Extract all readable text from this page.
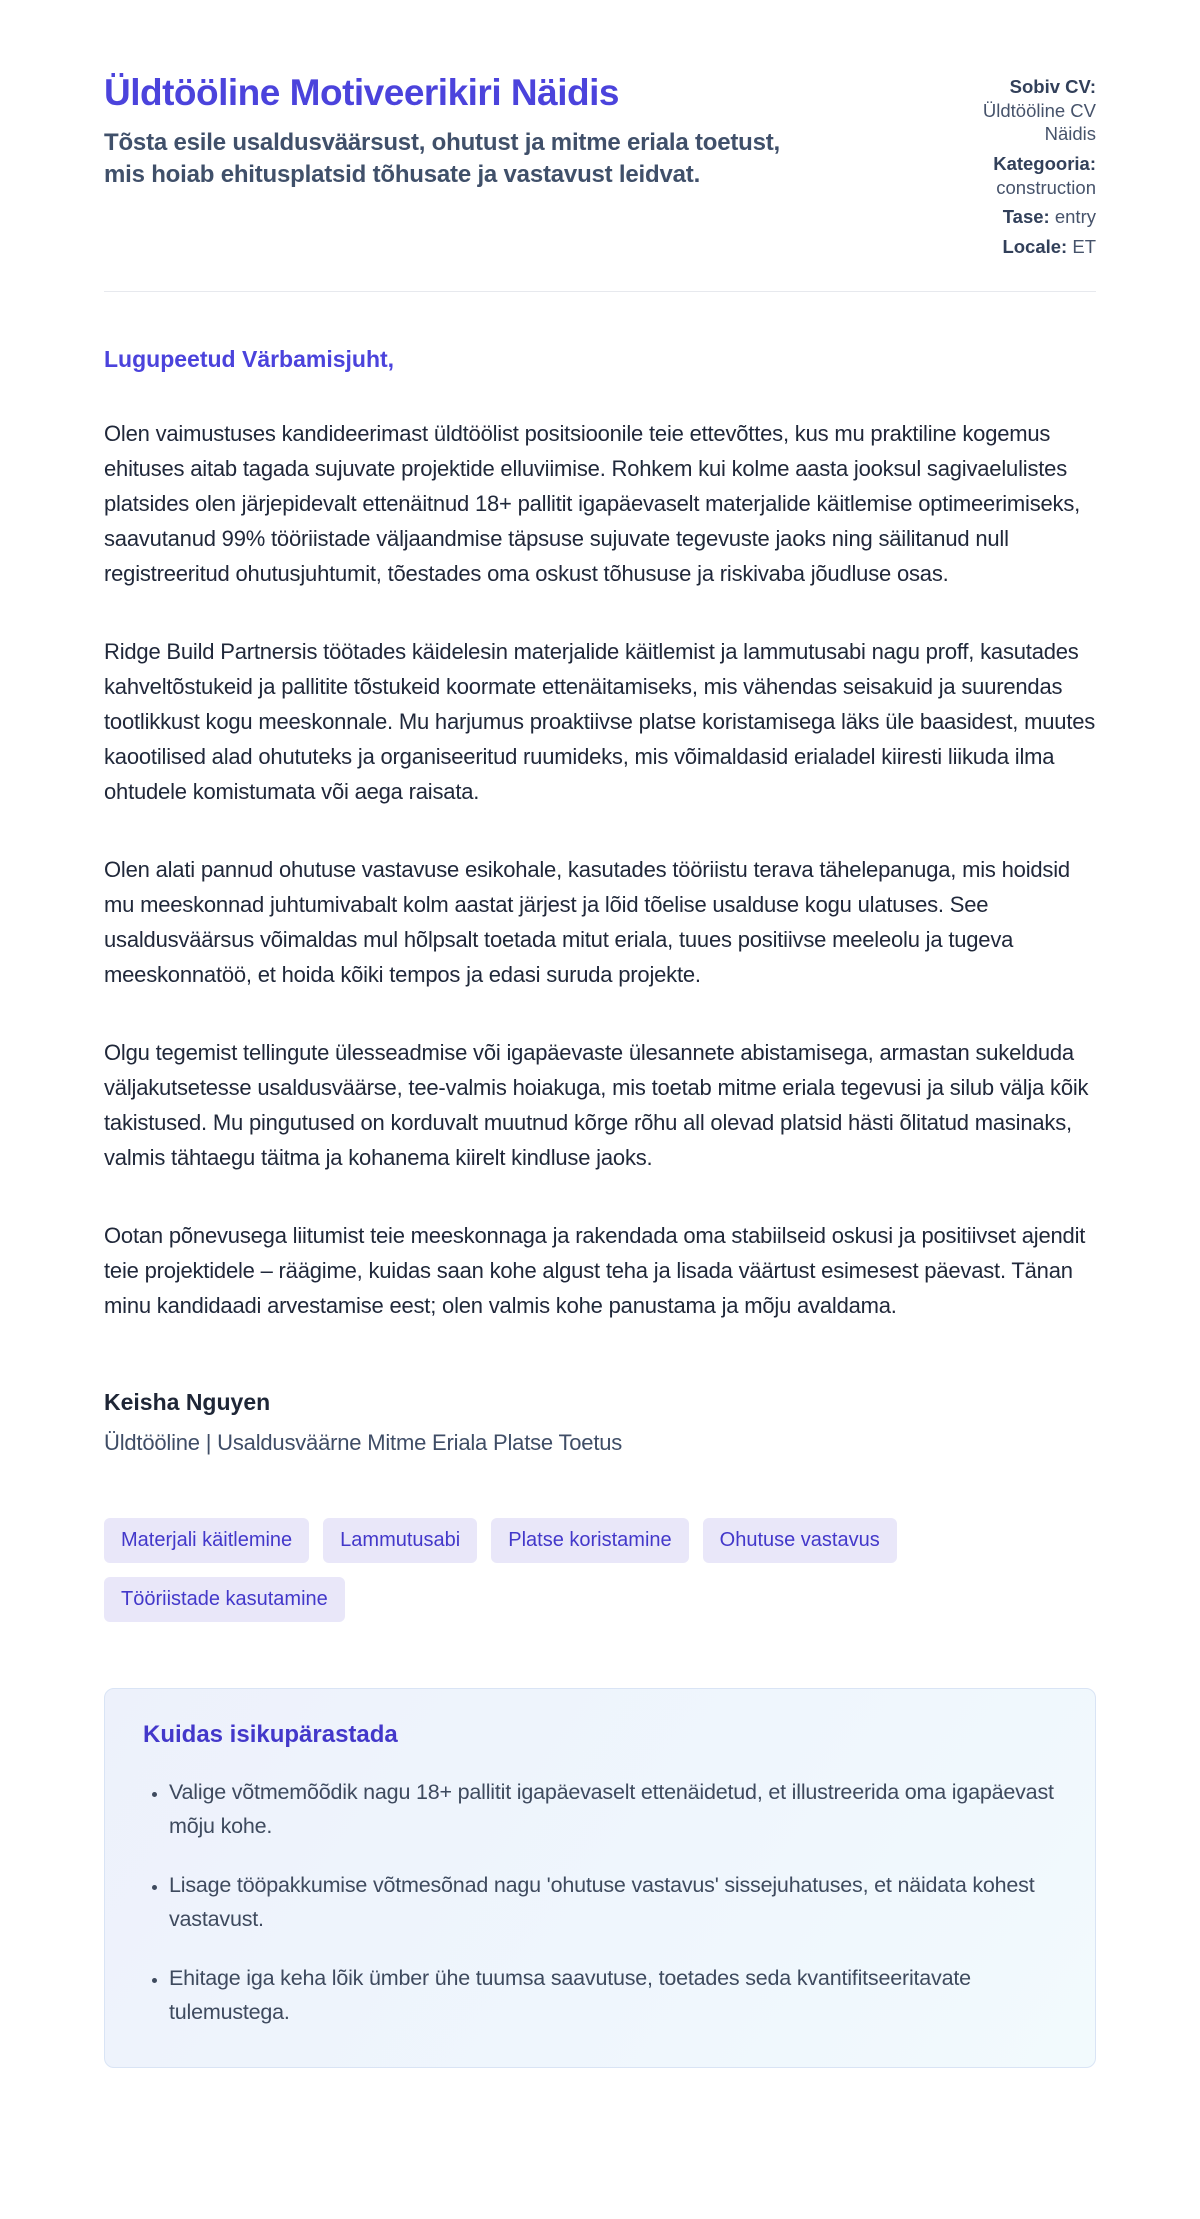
Üldtööline Motiveerikiri Näidis

Tõsta esile usaldusväärsust, ohutust ja mitme eriala toetust, mis hoiab ehitusplatsid tõhusate ja vastavust leidvat.

Sobiv CV:
Üldtööline CV Näidis
Kategooria:
construction
Tase: entry
Locale: ET

Lugupeetud Värbamisjuht,

Olen vaimustuses kandideerimast üldtöölist positsioonile teie ettevõttes, kus mu praktiline kogemus ehituses aitab tagada sujuvate projektide elluviimise. Rohkem kui kolme aasta jooksul sagivaelulistes platsides olen järjepidevalt ettenäitnud 18+ pallitit igapäevaselt materjalide käitlemise optimeerimiseks, saavutanud 99% tööriistade väljaandmise täpsuse sujuvate tegevuste jaoks ning säilitanud null registreeritud ohutusjuhtumit, tõestades oma oskust tõhususe ja riskivaba jõudluse osas.

Ridge Build Partnersis töötades käidelesin materjalide käitlemist ja lammutusabi nagu proff, kasutades kahveltõstukeid ja pallitite tõstukeid koormate ettenäitamiseks, mis vähendas seisakuid ja suurendas tootlikkust kogu meeskonnale. Mu harjumus proaktiivse platse koristamisega läks üle baasidest, muutes kaootilised alad ohututeks ja organiseeritud ruumideks, mis võimaldasid erialadel kiiresti liikuda ilma ohtudele komistumata või aega raisata.

Olen alati pannud ohutuse vastavuse esikohale, kasutades tööriistu terava tähelepanuga, mis hoidsid mu meeskonnad juhtumivabalt kolm aastat järjest ja lõid tõelise usalduse kogu ulatuses. See usaldusväärsus võimaldas mul hõlpsalt toetada mitut eriala, tuues positiivse meeleolu ja tugeva meeskonnatöö, et hoida kõiki tempos ja edasi suruda projekte.

Olgu tegemist tellingute ülesseadmise või igapäevaste ülesannete abistamisega, armastan sukelduda väljakutsetesse usaldusväärse, tee-valmis hoiakuga, mis toetab mitme eriala tegevusi ja silub välja kõik takistused. Mu pingutused on korduvalt muutnud kõrge rõhu all olevad platsid hästi õlitatud masinaks, valmis tähtaegu täitma ja kohanema kiirelt kindluse jaoks.

Ootan põnevusega liitumist teie meeskonnaga ja rakendada oma stabiilseid oskusi ja positiivset ajendit teie projektidele – räägime, kuidas saan kohe algust teha ja lisada väärtust esimesest päevast. Tänan minu kandidaadi arvestamise eest; olen valmis kohe panustama ja mõju avaldama.

Keisha Nguyen

Üldtööline | Usaldusväärne Mitme Eriala Platse Toetus

Materjali käitlemine	Lammutusabi	Platse koristamine	Ohutuse vastavus
Tööriistade kasutamine
Kuidas isikupärastada
• Valige võtmemõõdik nagu 18+ pallitit igapäevaselt ettenäidetud, et illustreerida oma igapäevast mõju kohe.
• Lisage tööpakkumise võtmesõnad nagu 'ohutuse vastavus' sissejuhatuses, et näidata kohest vastavust.
• Ehitage iga keha lõik ümber ühe tuumsa saavutuse, toetades seda kvantifitseeritavate tulemustega.
